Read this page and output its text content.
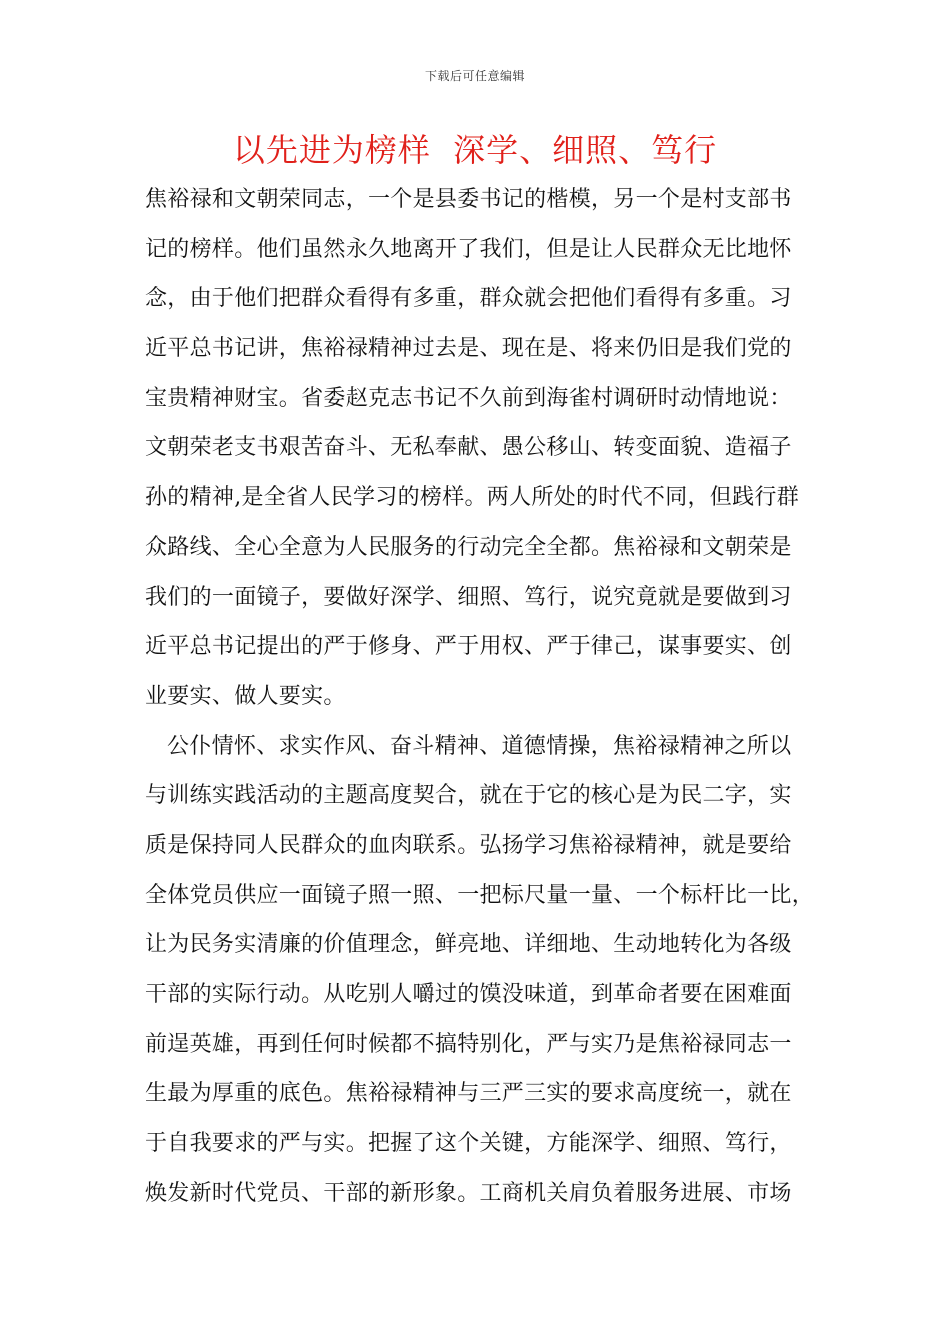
下载后可任意编辑
以先进为榜样  深学、细照、笃行
焦裕禄和文朝荣同志，一个是县委书记的楷模，另一个是村支部书
记的榜样。他们虽然永久地离开了我们，但是让人民群众无比地怀
念，由于他们把群众看得有多重，群众就会把他们看得有多重。习
近平总书记讲，焦裕禄精神过去是、现在是、将来仍旧是我们党的
宝贵精神财宝。省委赵克志书记不久前到海雀村调研时动情地说：
文朝荣老支书艰苦奋斗、无私奉献、愚公移山、转变面貌、造福子
孙的精神,是全省人民学习的榜样。两人所处的时代不同，但践行群
众路线、全心全意为人民服务的行动完全全都。焦裕禄和文朝荣是
我们的一面镜子，要做好深学、细照、笃行，说究竟就是要做到习
近平总书记提出的严于修身、严于用权、严于律己，谋事要实、创
业要实、做人要实。
公仆情怀、求实作风、奋斗精神、道德情操，焦裕禄精神之所以
与训练实践活动的主题高度契合，就在于它的核心是为民二字，实
质是保持同人民群众的血肉联系。弘扬学习焦裕禄精神，就是要给
全体党员供应一面镜子照一照、一把标尺量一量、一个标杆比一比，
让为民务实清廉的价值理念，鲜亮地、详细地、生动地转化为各级
干部的实际行动。从吃别人嚼过的馍没味道，到革命者要在困难面
前逞英雄，再到任何时候都不搞特别化，严与实乃是焦裕禄同志一
生最为厚重的底色。焦裕禄精神与三严三实的要求高度统一，就在
于自我要求的严与实。把握了这个关键，方能深学、细照、笃行，
焕发新时代党员、干部的新形象。工商机关肩负着服务进展、市场
